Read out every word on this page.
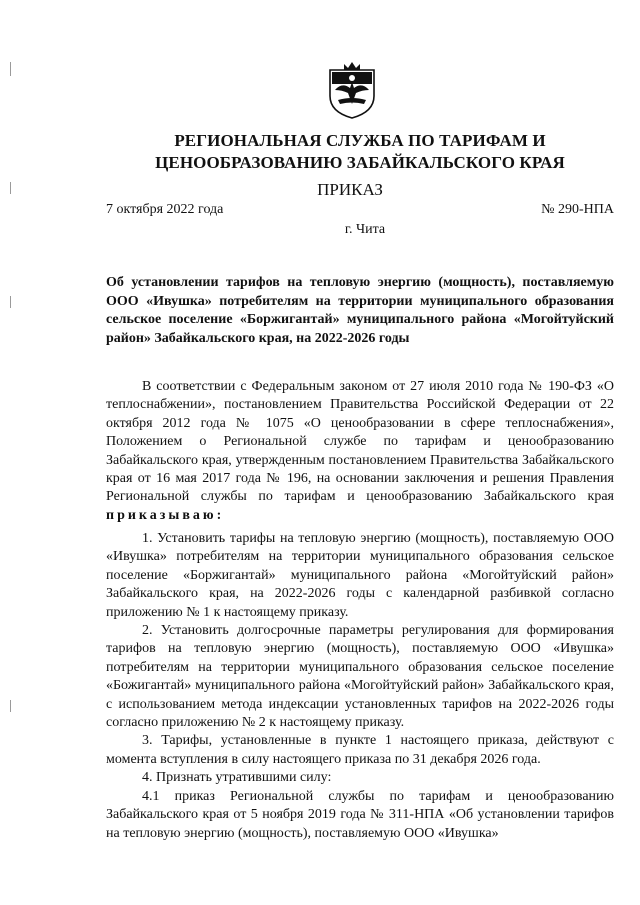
РЕГИОНАЛЬНАЯ СЛУЖБА ПО ТАРИФАМ И
ЦЕНООБРАЗОВАНИЮ ЗАБАЙКАЛЬСКОГО КРАЯ
ПРИКАЗ
7 октября 2022 года	№ 290-НПА
г. Чита
Об установлении тарифов на тепловую энергию (мощность), поставляемую ООО «Ивушка» потребителям на территории муниципального образования сельское поселение «Боржигантай» муниципального района «Могойтуйский район» Забайкальского края, на 2022-2026 годы
В соответствии с Федеральным законом от 27 июля 2010 года № 190-ФЗ «О теплоснабжении», постановлением Правительства Российской Федерации от 22 октября 2012 года № 1075 «О ценообразовании в сфере теплоснабжения», Положением о Региональной службе по тарифам и ценообразованию Забайкальского края, утвержденным постановлением Правительства Забайкальского края от 16 мая 2017 года № 196, на основании заключения и решения Правления Региональной службы по тарифам и ценообразованию Забайкальского края приказываю:

1. Установить тарифы на тепловую энергию (мощность), поставляемую ООО «Ивушка» потребителям на территории муниципального образования сельское поселение «Боржигантай» муниципального района «Могойтуйский район» Забайкальского края, на 2022-2026 годы с календарной разбивкой согласно приложению № 1 к настоящему приказу.

2. Установить долгосрочные параметры регулирования для формирования тарифов на тепловую энергию (мощность), поставляемую ООО «Ивушка» потребителям на территории муниципального образования сельское поселение «Божигантай» муниципального района «Могойтуйский район» Забайкальского края, с использованием метода индексации установленных тарифов на 2022-2026 годы согласно приложению № 2 к настоящему приказу.

3. Тарифы, установленные в пункте 1 настоящего приказа, действуют с момента вступления в силу настоящего приказа по 31 декабря 2026 года.

4. Признать утратившими силу:

4.1 приказ Региональной службы по тарифам и ценообразованию Забайкальского края от 5 ноября 2019 года № 311-НПА «Об установлении тарифов на тепловую энергию (мощность), поставляемую ООО «Ивушка»
